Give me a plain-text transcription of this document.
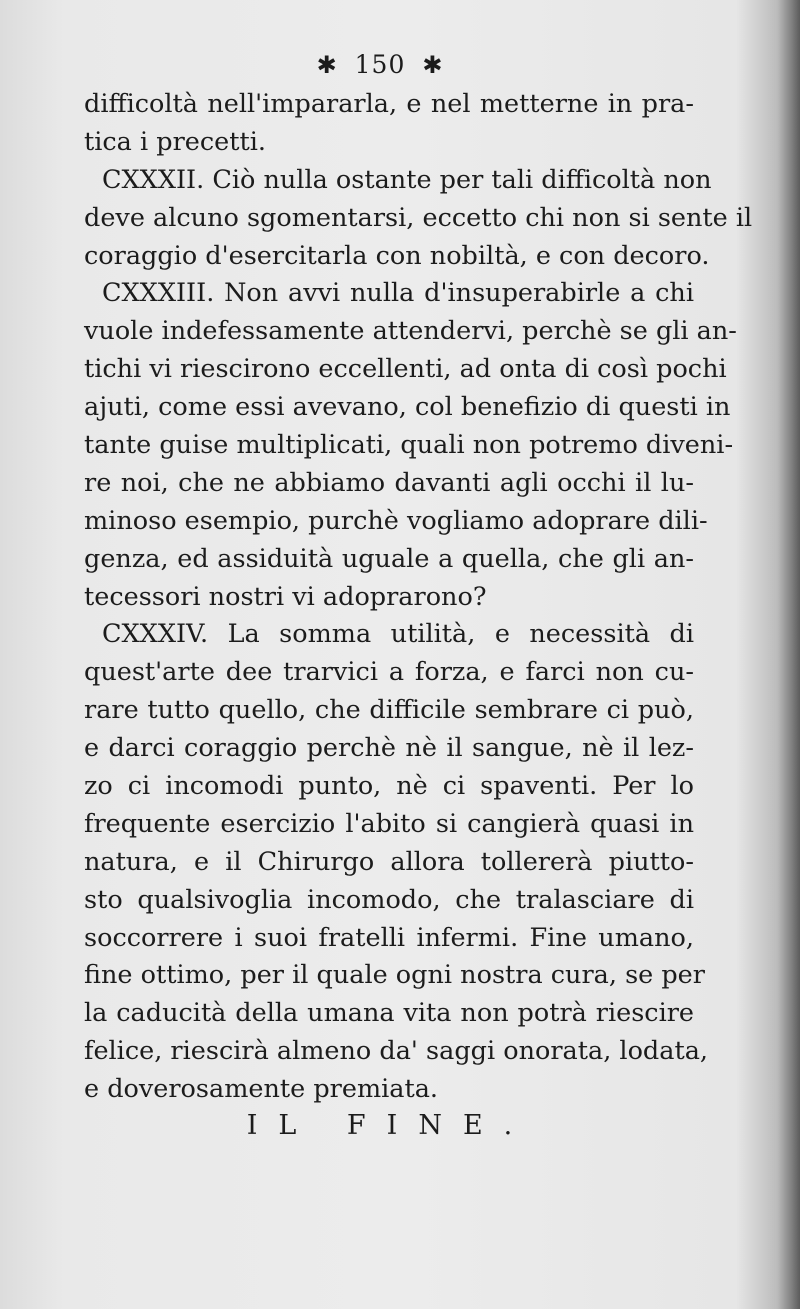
✱ 150 ✱
difficoltà nell'impararla, e nel metterne in pra-
tica i precetti.
CXXXII. Ciò nulla ostante per tali difficoltà non
deve alcuno sgomentarsi, eccetto chi non si sente il
coraggio d'esercitarla con nobiltà, e con decoro.
CXXXIII. Non avvi nulla d'insuperabirle a chi
vuole indefessamente attendervi, perchè se gli an-
tichi vi riescirono eccellenti, ad onta di così pochi
ajuti, come essi avevano, col benefizio di questi in
tante guise multiplicati, quali non potremo diveni-
re noi, che ne abbiamo davanti agli occhi il lu-
minoso esempio, purchè vogliamo adoprare dili-
genza, ed assiduità uguale a quella, che gli an-
tecessori nostri vi adoprarono?
CXXXIV. La somma utilità, e necessità di
quest'arte dee trarvici a forza, e farci non cu-
rare tutto quello, che difficile sembrare ci può,
e darci coraggio perchè nè il sangue, nè il lez-
zo ci incomodi punto, nè ci spaventi. Per lo
frequente esercizio l'abito si cangierà quasi in
natura, e il Chirurgo allora tollererà piutto-
sto qualsivoglia incomodo, che tralasciare di
soccorrere i suoi fratelli infermi. Fine umano,
fine ottimo, per il quale ogni nostra cura, se per
la caducità della umana vita non potrà riescire
felice, riescirà almeno da' saggi onorata, lodata,
e doverosamente premiata.
IL FINE.
